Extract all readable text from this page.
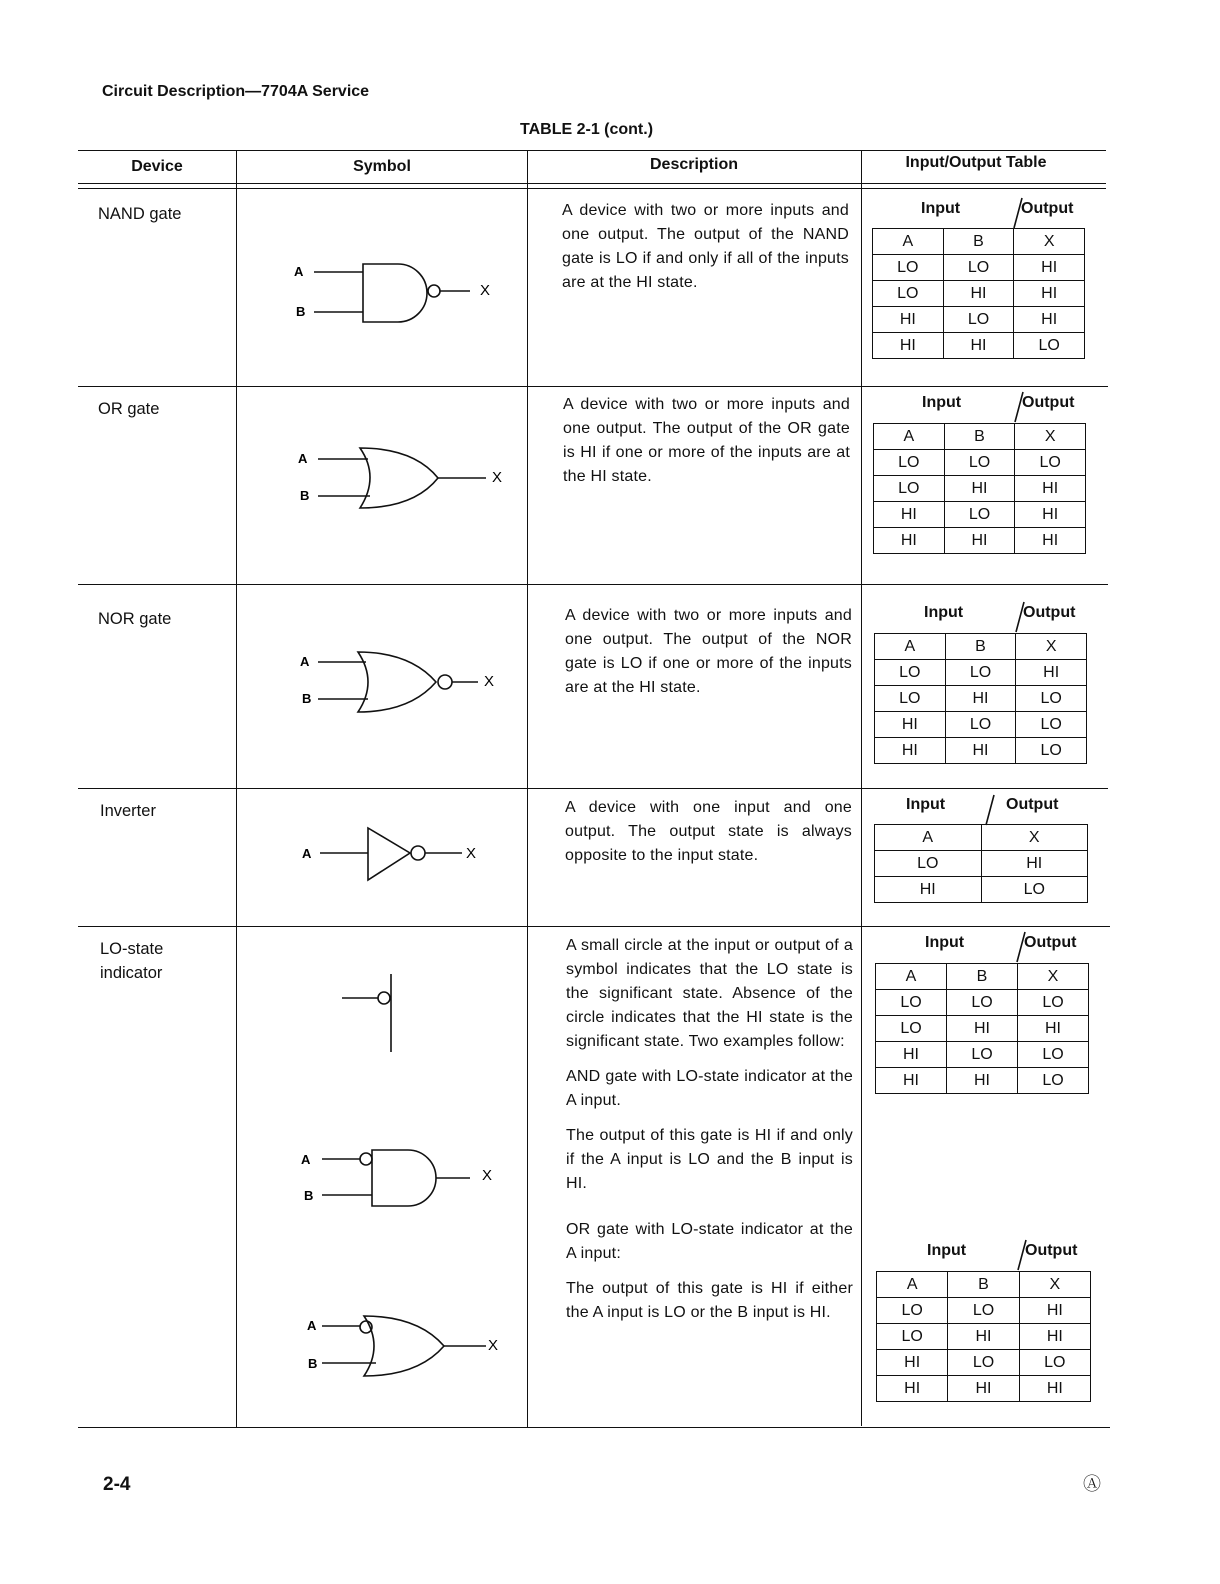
Circuit Description—7704A Service
TABLE 2-1 (cont.)
Device	Symbol	Description	Input/Output Table
NAND gate
A
B
X
A device with two or more inputs and one output. The output of the NAND gate is LO if and only if all of the inputs are at the HI state.
Input	Output
A	B	X
LO	LO	HI
LO	HI	HI
HI	LO	HI
HI	HI	LO
OR gate
A
B
X
A device with two or more inputs and one output. The output of the OR gate is HI if one or more of the inputs are at the HI state.
Input	Output
A	B	X
LO	LO	LO
LO	HI	HI
HI	LO	HI
HI	HI	HI
NOR gate
A
B
X
A device with two or more inputs and one output. The output of the NOR gate is LO if one or more of the inputs are at the HI state.
Input	Output
A	B	X
LO	LO	HI
LO	HI	LO
HI	LO	LO
HI	HI	LO
Inverter
A	X
A device with one input and one output. The output state is always opposite to the input state.
Input	Output
A	X
LO	HI
HI	LO
LO-state
indicator
A
B
X
A
B
X

A small circle at the input or output of a symbol indicates that the LO state is the significant state. Absence of the circle indicates that the HI state is the significant state. Two examples follow:

AND gate with LO-state indicator at the A input.

The output of this gate is HI if and only if the A input is LO and the B input is HI.

OR gate with LO-state indicator at the A input:

The output of this gate is HI if either the A input is LO or the B input is HI.

Input	Output
A	B	X
LO	LO	LO
LO	HI	HI
HI	LO	LO
HI	HI	LO
Input	Output
A	B	X
LO	LO	HI
LO	HI	HI
HI	LO	LO
HI	HI	HI
2-4	Ⓐ
